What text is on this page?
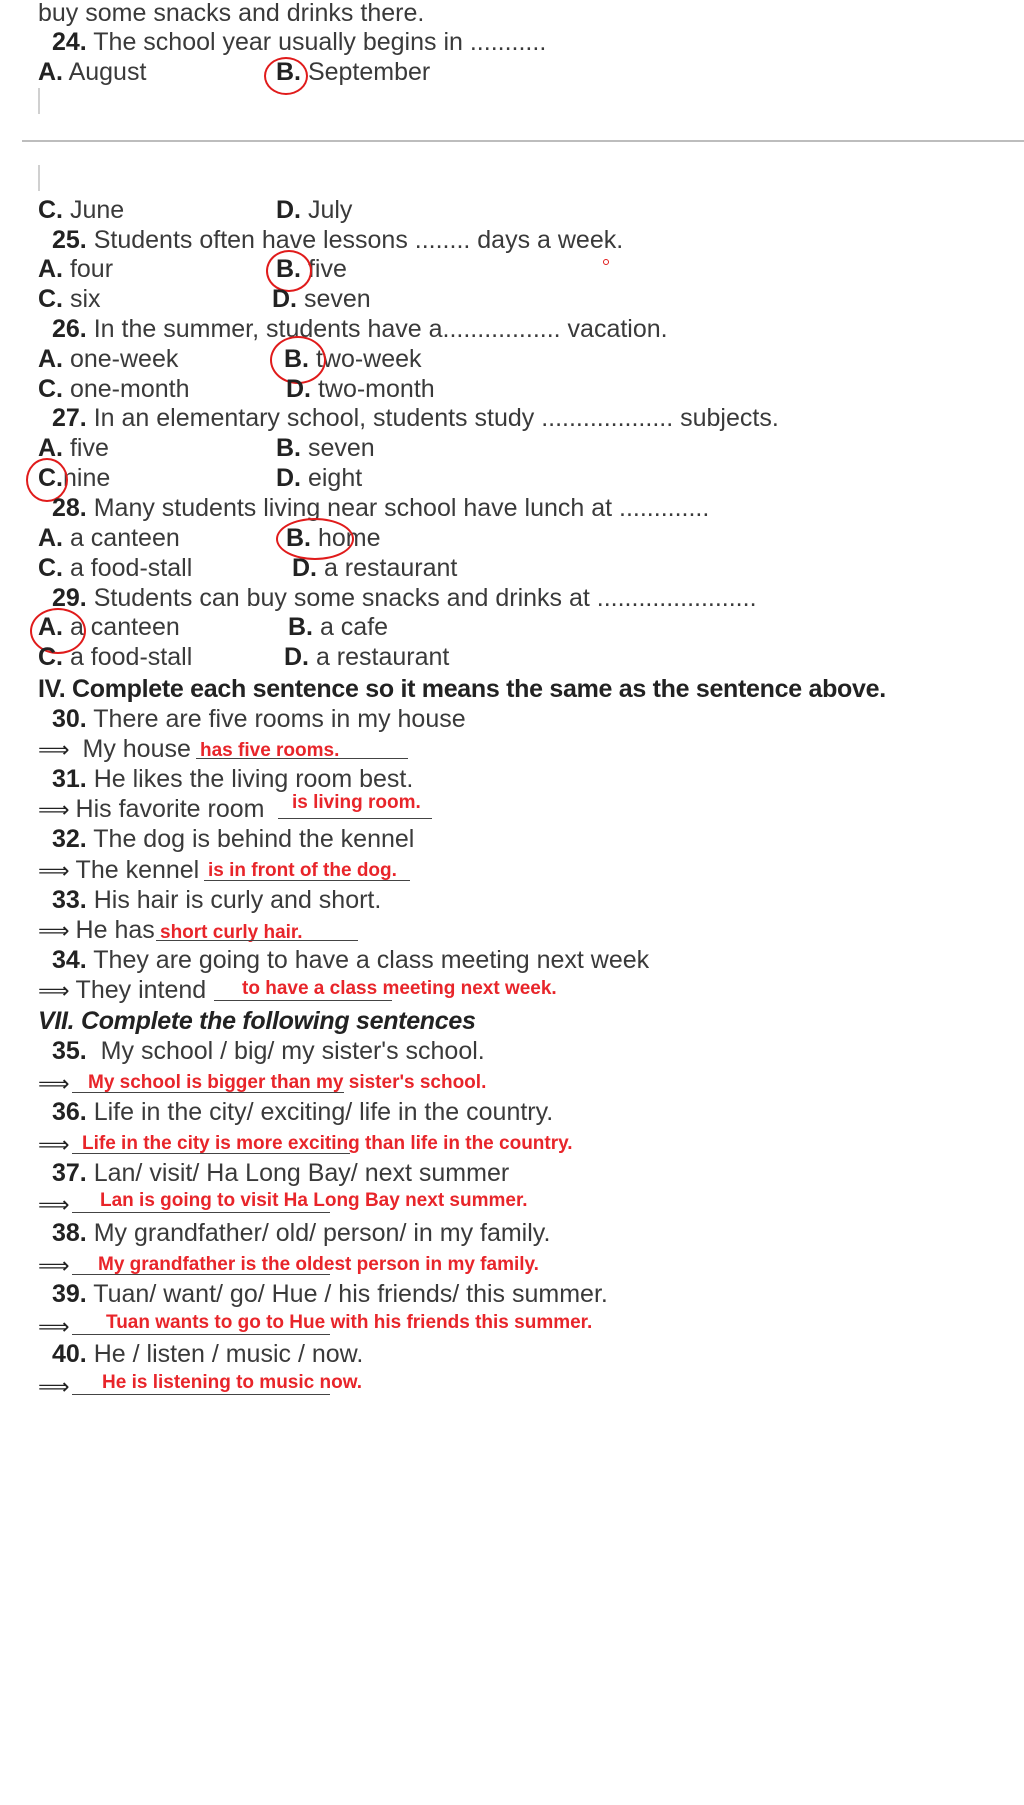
buy some snacks and drinks there.
24. The school year usually begins in ...........
A. August	B. September
C. June	D. July
25. Students often have lessons ........ days a week.
A. four	B. five
C. six	D. seven
26. In the summer, students have a................. vacation.
A. one-week	B. two-week
C. one-month	D. two-month
27. In an elementary school, students study ................... subjects.
A. five	B. seven
C.nine	D. eight
28. Many students living near school have lunch at .............
A. a canteen	B. home
C. a food-stall	D. a restaurant
29. Students can buy some snacks and drinks at .......................
A. a canteen	B. a cafe
C. a food-stall	D. a restaurant
IV. Complete each sentence so it means the same as the sentence above.
30. There are five rooms in my house
⟹ My house has five rooms.
31. He likes the living room best.
⟹ His favorite room is living room.
32. The dog is behind the kennel
⟹ The kennel is in front of the dog.
33. His hair is curly and short.
⟹ He has short curly hair.
34. They are going to have a class meeting next week
⟹ They intend to have a class meeting next week.
VII. Complete the following sentences
35. My school / big/ my sister's school.
⟹ My school is bigger than my sister's school.
36. Life in the city/ exciting/ life in the country.
⟹ Life in the city is more exciting than life in the country.
37. Lan/ visit/ Ha Long Bay/ next summer
⟹	Lan is going to visit Ha Long Bay next summer.
38. My grandfather/ old/ person/ in my family.
⟹	My grandfather is the oldest person in my family.
39. Tuan/ want/ go/ Hue / his friends/ this summer.
⟹	Tuan wants to go to Hue with his friends this summer.
40. He / listen / music / now.
⟹	He is listening to music now.
